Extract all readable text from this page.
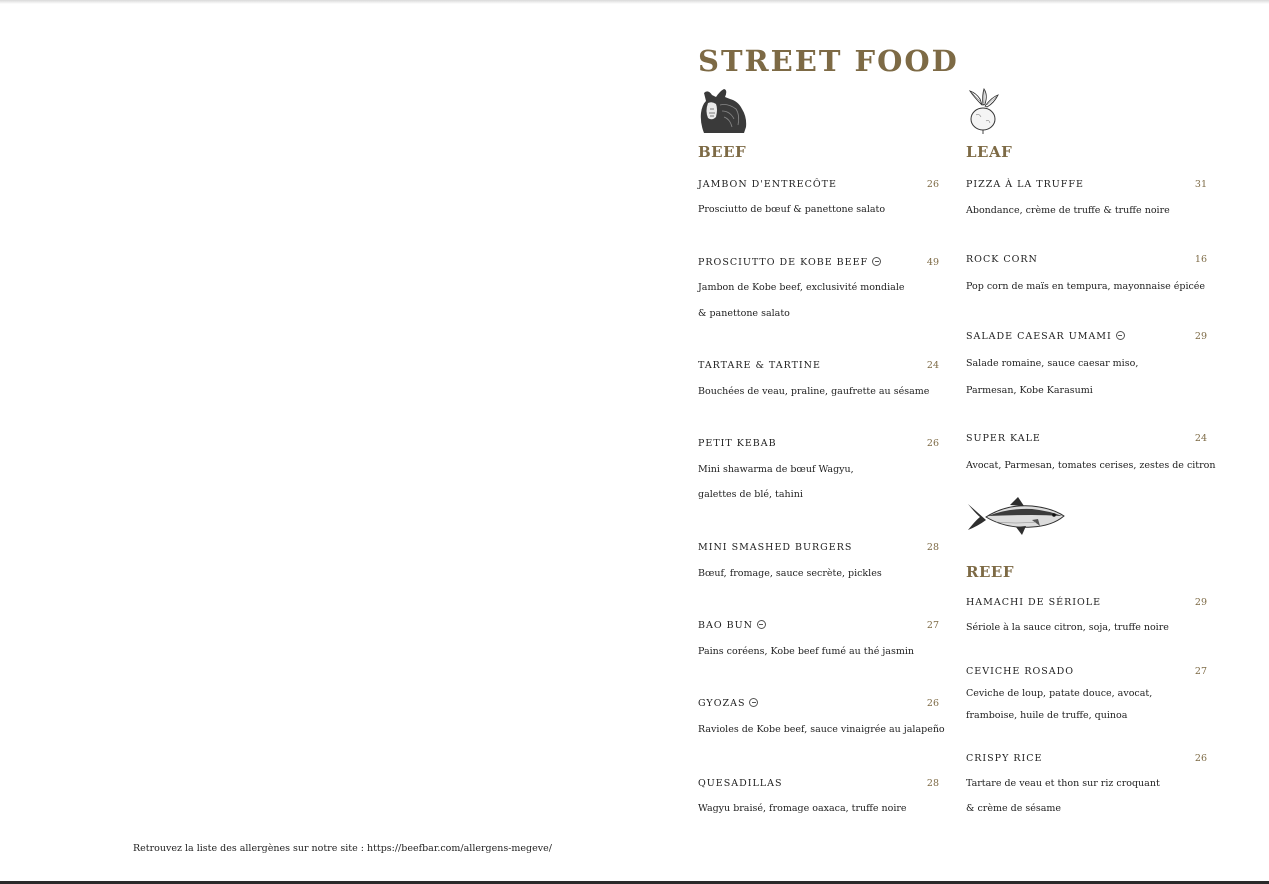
STREET FOOD
BEEF
JAMBON D'ENTRECÔTE	26
Prosciutto de bœuf & panettone salato
PROSCIUTTO DE KOBE BEEF	49
Jambon de Kobe beef, exclusivité mondiale
& panettone salato
TARTARE & TARTINE	24
Bouchées de veau, praline, gaufrette au sésame
PETIT KEBAB	26
Mini shawarma de bœuf Wagyu,
galettes de blé, tahini
MINI SMASHED BURGERS	28
Bœuf, fromage, sauce secrète, pickles
BAO BUN	27
Pains coréens, Kobe beef fumé au thé jasmin
GYOZAS	26
Ravioles de Kobe beef, sauce vinaigrée au jalapeño
QUESADILLAS	28
Wagyu braisé, fromage oaxaca, truffe noire
LEAF
PIZZA À LA TRUFFE	31
Abondance, crème de truffe & truffe noire
ROCK CORN	16
Pop corn de maïs en tempura, mayonnaise épicée
SALADE CAESAR UMAMI	29
Salade romaine, sauce caesar miso,
Parmesan, Kobe Karasumi
SUPER KALE	24
Avocat, Parmesan, tomates cerises, zestes de citron
REEF
HAMACHI DE SÉRIOLE	29
Sériole à la sauce citron, soja, truffe noire
CEVICHE ROSADO	27
Ceviche de loup, patate douce, avocat,
framboise, huile de truffe, quinoa
CRISPY RICE	26
Tartare de veau et thon sur riz croquant
& crème de sésame
Retrouvez la liste des allergènes sur notre site : https://beefbar.com/allergens-megeve/
